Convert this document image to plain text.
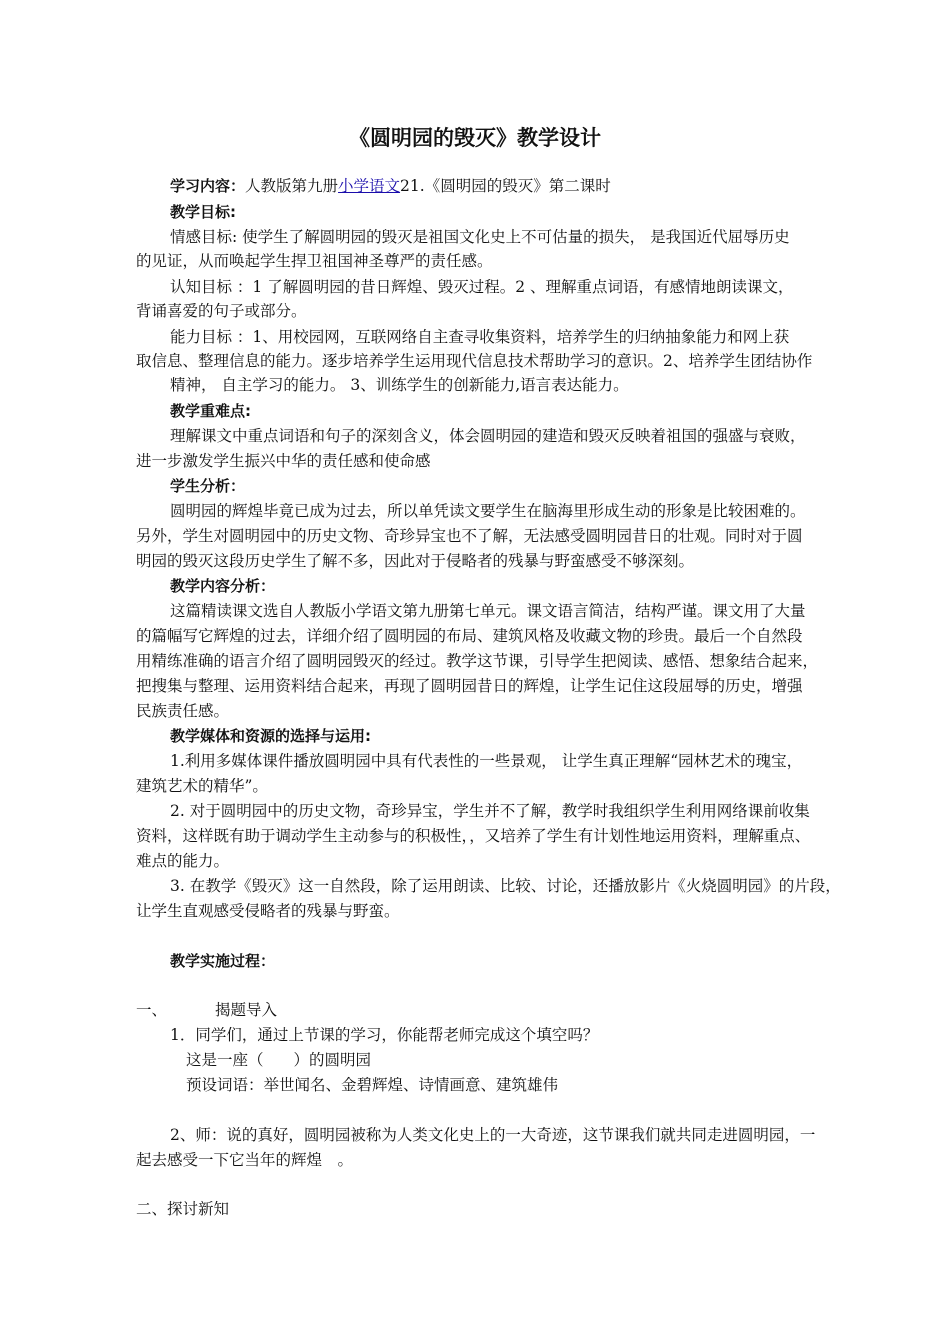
《圆明园的毁灭》教学设计
学习内容：人教版第九册小学语文21.《圆明园的毁灭》第二课时
教学目标:
情感目标: 使学生了解圆明园的毁灭是祖国文化史上不可估量的损失， 是我国近代屈辱历史
的见证，从而唤起学生捍卫祖国神圣尊严的责任感。
认知目标 ：1 了解圆明园的昔日辉煌、毁灭过程。2 、理解重点词语，有感情地朗读课文，
背诵喜爱的句子或部分。
能力目标 ：1、用校园网，互联网络自主查寻收集资料，培养学生的归纳抽象能力和网上获
取信息、整理信息的能力。逐步培养学生运用现代信息技术帮助学习的意识。2、培养学生团结协作
精神， 自主学习的能力。 3、训练学生的创新能力,语言表达能力。
教学重难点:
理解课文中重点词语和句子的深刻含义，体会圆明园的建造和毁灭反映着祖国的强盛与衰败，
进一步激发学生振兴中华的责任感和使命感
学生分析：
圆明园的辉煌毕竟已成为过去，所以单凭读文要学生在脑海里形成生动的形象是比较困难的。
另外，学生对圆明园中的历史文物、奇珍异宝也不了解，无法感受圆明园昔日的壮观。同时对于圆
明园的毁灭这段历史学生了解不多，因此对于侵略者的残暴与野蛮感受不够深刻。
教学内容分析：
这篇精读课文选自人教版小学语文第九册第七单元。课文语言简洁，结构严谨。课文用了大量
的篇幅写它辉煌的过去，详细介绍了圆明园的布局、建筑风格及收藏文物的珍贵。最后一个自然段
用精练准确的语言介绍了圆明园毁灭的经过。教学这节课，引导学生把阅读、感悟、想象结合起来，
把搜集与整理、运用资料结合起来，再现了圆明园昔日的辉煌，让学生记住这段屈辱的历史，增强
民族责任感。
教学媒体和资源的选择与运用:
1.利用多媒体课件播放圆明园中具有代表性的一些景观， 让学生真正理解“园林艺术的瑰宝，
建筑艺术的精华”。
2. 对于圆明园中的历史文物，奇珍异宝，学生并不了解，教学时我组织学生利用网络课前收集
资料，这样既有助于调动学生主动参与的积极性，，又培养了学生有计划性地运用资料，理解重点、
难点的能力。
3. 在教学《毁灭》这一自然段，除了运用朗读、比较、讨论，还播放影片《火烧圆明园》的片段，
让学生直观感受侵略者的残暴与野蛮。
教学实施过程：
一、	揭题导入
1．同学们，通过上节课的学习，你能帮老师完成这个填空吗？
这是一座（ ）的圆明园
预设词语：举世闻名、金碧辉煌、诗情画意、建筑雄伟
2、师：说的真好，圆明园被称为人类文化史上的一大奇迹，这节课我们就共同走进圆明园，一
起去感受一下它当年的辉煌　。
二、探讨新知
